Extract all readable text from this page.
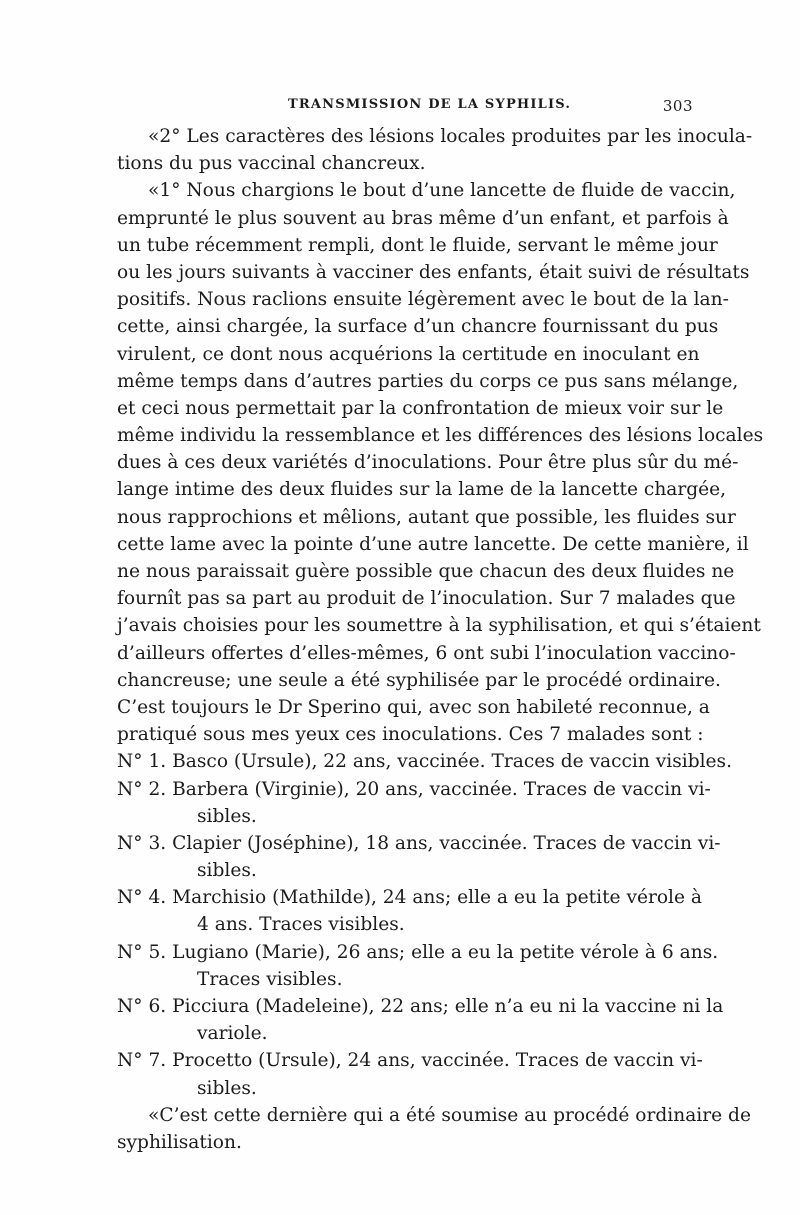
TRANSMISSION DE LA SYPHILIS.	303
«2° Les caractères des lésions locales produites par les inocula-
tions du pus vaccinal chancreux.
«1° Nous chargions le bout d’une lancette de fluide de vaccin,
emprunté le plus souvent au bras même d’un enfant, et parfois à
un tube récemment rempli, dont le fluide, servant le même jour
ou les jours suivants à vacciner des enfants, était suivi de résultats
positifs. Nous raclions ensuite légèrement avec le bout de la lan-
cette, ainsi chargée, la surface d’un chancre fournissant du pus
virulent, ce dont nous acquérions la certitude en inoculant en
même temps dans d’autres parties du corps ce pus sans mélange,
et ceci nous permettait par la confrontation de mieux voir sur le
même individu la ressemblance et les différences des lésions locales
dues à ces deux variétés d’inoculations. Pour être plus sûr du mé-
lange intime des deux fluides sur la lame de la lancette chargée,
nous rapprochions et mêlions, autant que possible, les fluides sur
cette lame avec la pointe d’une autre lancette. De cette manière, il
ne nous paraissait guère possible que chacun des deux fluides ne
fournît pas sa part au produit de l’inoculation. Sur 7 malades que
j’avais choisies pour les soumettre à la syphilisation, et qui s’étaient
d’ailleurs offertes d’elles-mêmes, 6 ont subi l’inoculation vaccino-
chancreuse; une seule a été syphilisée par le procédé ordinaire.
C’est toujours le Dr Sperino qui, avec son habileté reconnue, a
pratiqué sous mes yeux ces inoculations. Ces 7 malades sont :
N° 1. Basco (Ursule), 22 ans, vaccinée. Traces de vaccin visibles.
N° 2. Barbera (Virginie), 20 ans, vaccinée. Traces de vaccin vi-
sibles.
N° 3. Clapier (Joséphine), 18 ans, vaccinée. Traces de vaccin vi-
sibles.
N° 4. Marchisio (Mathilde), 24 ans; elle a eu la petite vérole à
4 ans. Traces visibles.
N° 5. Lugiano (Marie), 26 ans; elle a eu la petite vérole à 6 ans.
Traces visibles.
N° 6. Picciura (Madeleine), 22 ans; elle n’a eu ni la vaccine ni la
variole.
N° 7. Procetto (Ursule), 24 ans, vaccinée. Traces de vaccin vi-
sibles.
«C’est cette dernière qui a été soumise au procédé ordinaire de
syphilisation.
